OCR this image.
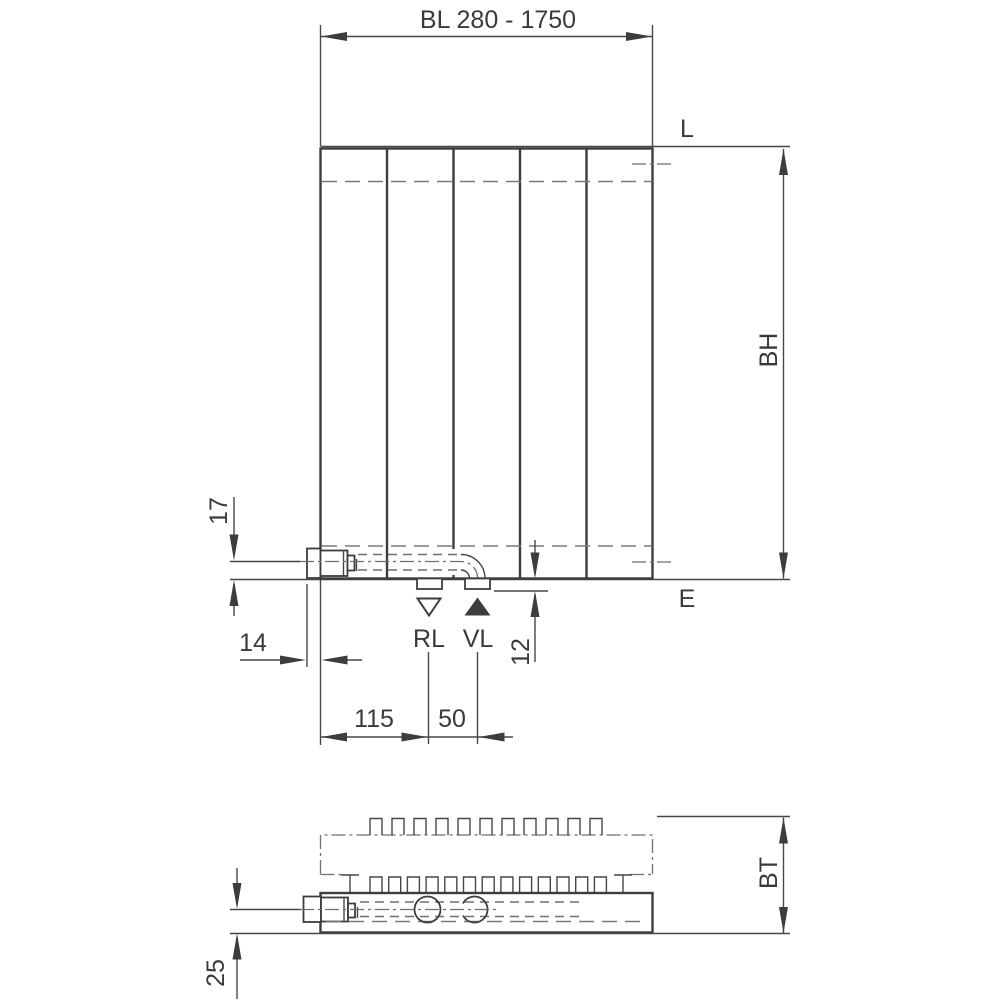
BL 280 - 1750
BH
L
E
17
14	12
RL VL
115 50
BT
25
